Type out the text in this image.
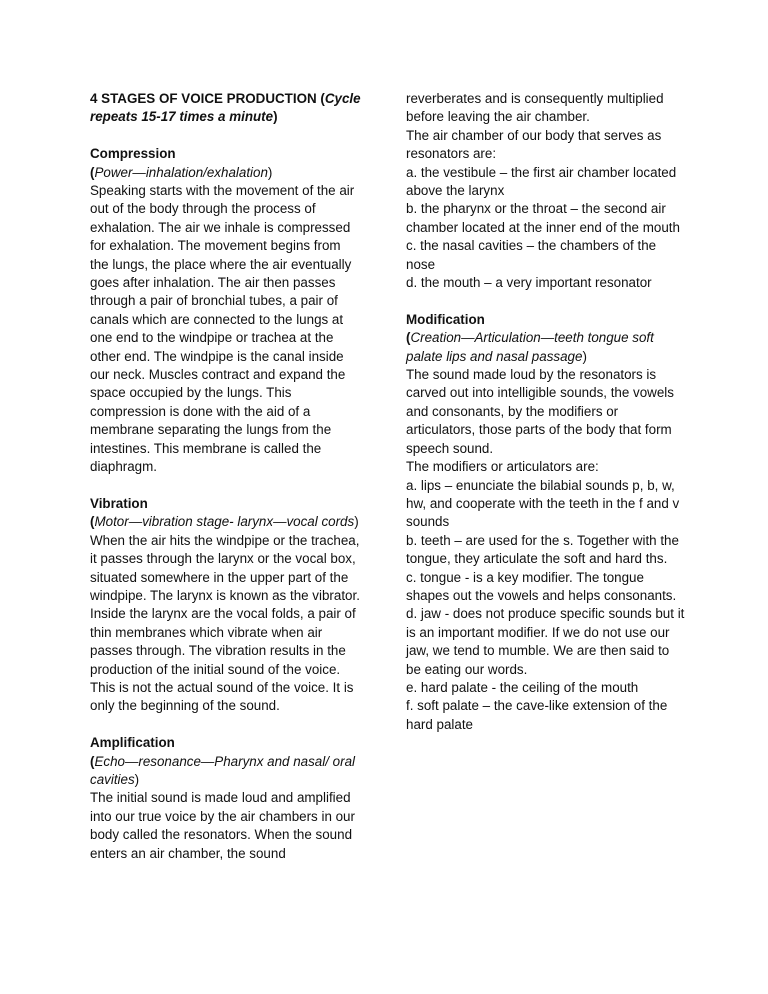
4 STAGES OF VOICE PRODUCTION (Cycle repeats 15-17 times a minute)

Compression

(Power—inhalation/exhalation)

Speaking starts with the movement of the air out of the body through the process of exhalation. The air we inhale is compressed for exhalation. The movement begins from the lungs, the place where the air eventually goes after inhalation. The air then passes through a pair of bronchial tubes, a pair of canals which are connected to the lungs at one end to the windpipe or trachea at the other end. The windpipe is the canal inside our neck. Muscles contract and expand the space occupied by the lungs. This compression is done with the aid of a membrane separating the lungs from the intestines. This membrane is called the diaphragm.

Vibration

(Motor—vibration stage- larynx—vocal cords)

When the air hits the windpipe or the trachea, it passes through the larynx or the vocal box, situated somewhere in the upper part of the windpipe. The larynx is known as the vibrator. Inside the larynx are the vocal folds, a pair of thin membranes which vibrate when air passes through. The vibration results in the production of the initial sound of the voice. This is not the actual sound of the voice. It is only the beginning of the sound.

Amplification

(Echo—resonance—Pharynx and nasal/ oral cavities)

The initial sound is made loud and amplified into our true voice by the air chambers in our body called the resonators. When the sound enters an air chamber, the sound

reverberates and is consequently multiplied before leaving the air chamber.

The air chamber of our body that serves as resonators are:

a. the vestibule – the first air chamber located above the larynx

b. the pharynx or the throat – the second air chamber located at the inner end of the mouth

c. the nasal cavities – the chambers of the nose

d. the mouth – a very important resonator

Modification

(Creation—Articulation—teeth tongue soft palate lips and nasal passage)

The sound made loud by the resonators is carved out into intelligible sounds, the vowels and consonants, by the modifiers or articulators, those parts of the body that form speech sound.

The modifiers or articulators are:

a. lips – enunciate the bilabial sounds p, b, w, hw, and cooperate with the teeth in the f and v sounds

b. teeth – are used for the s. Together with the tongue, they articulate the soft and hard ths.

c. tongue - is a key modifier. The tongue shapes out the vowels and helps consonants.

d. jaw - does not produce specific sounds but it is an important modifier. If we do not use our jaw, we tend to mumble. We are then said to be eating our words.

e. hard palate - the ceiling of the mouth

f. soft palate – the cave-like extension of the hard palate
